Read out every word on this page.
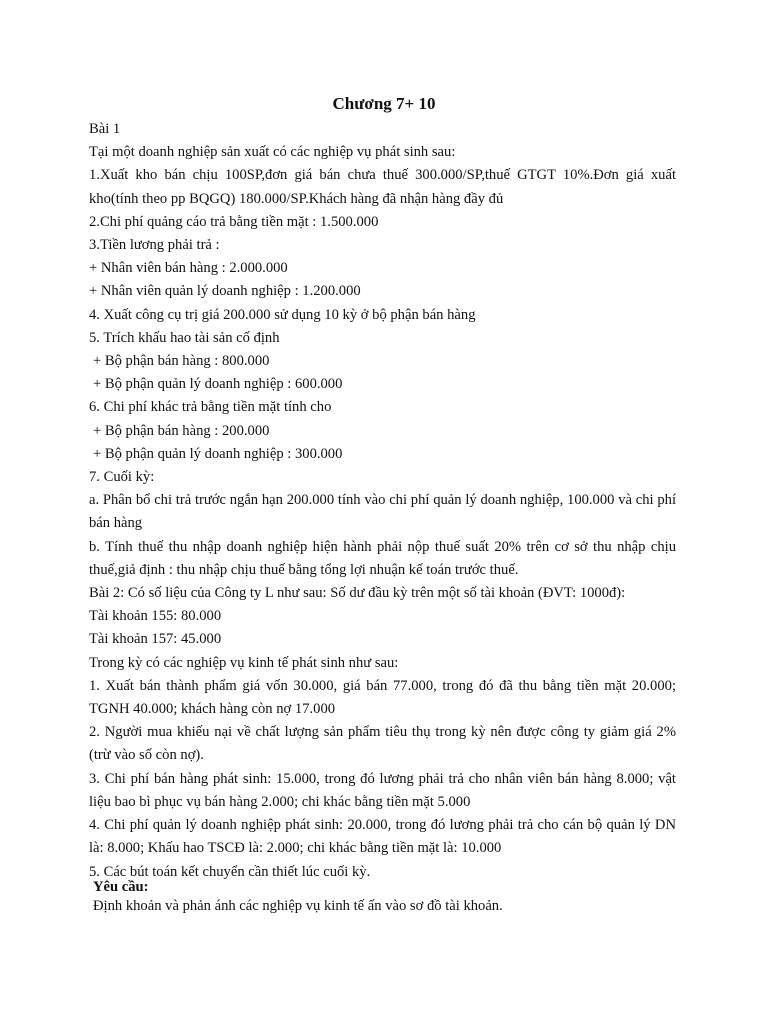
Chương 7+ 10

Bài 1

Tại một doanh nghiệp sản xuất có các nghiệp vụ phát sinh sau:

1.Xuất kho bán chịu 100SP,đơn giá bán chưa thuế 300.000/SP,thuế GTGT 10%.Đơn giá xuất kho(tính theo pp BQGQ) 180.000/SP.Khách hàng đã nhận hàng đầy đủ

2.Chi phí quảng cáo trả bằng tiền mặt : 1.500.000

3.Tiền lương phải trả :

+ Nhân viên bán hàng : 2.000.000

+ Nhân viên quản lý doanh nghiệp : 1.200.000

4. Xuất công cụ trị giá 200.000 sử dụng 10 kỳ ở bộ phận bán hàng

5. Trích khấu hao tài sản cố định

+ Bộ phận bán hàng : 800.000

+ Bộ phận quản lý doanh nghiệp : 600.000

6. Chi phí khác trả bằng tiền mặt tính cho

+ Bộ phận bán hàng : 200.000

+ Bộ phận quản lý doanh nghiệp : 300.000

7. Cuối kỳ:

a. Phân bổ chi trả trước ngắn hạn 200.000 tính vào chi phí quản lý doanh nghiệp, 100.000 và chi phí bán hàng

b. Tính thuế thu nhập doanh nghiệp hiện hành phải nộp thuế suất 20% trên cơ sở thu nhập chịu thuế,giả định : thu nhập chịu thuế bằng tổng lợi nhuận kế toán trước thuế.

Bài 2: Có số liệu của Công ty L như sau: Số dư đầu kỳ trên một số tài khoản (ĐVT: 1000đ):

Tài khoản 155: 80.000

Tài khoản 157: 45.000

Trong kỳ có các nghiệp vụ kinh tế phát sinh như sau:

1. Xuất bán thành phẩm giá vốn 30.000, giá bán 77.000, trong đó đã thu bằng tiền mặt 20.000; TGNH 40.000; khách hàng còn nợ 17.000

2. Người mua khiếu nại về chất lượng sản phẩm tiêu thụ trong kỳ nên được công ty giảm giá 2% (trừ vào số còn nợ).

3. Chi phí bán hàng phát sinh: 15.000, trong đó lương phải trả cho nhân viên bán hàng 8.000; vật liệu bao bì phục vụ bán hàng 2.000; chi khác bằng tiền mặt 5.000

4. Chi phí quản lý doanh nghiệp phát sinh: 20.000, trong đó lương phải trả cho cán bộ quản lý DN là: 8.000; Khấu hao TSCĐ là: 2.000; chi khác bằng tiền mặt là: 10.000

5. Các bút toán kết chuyển cần thiết lúc cuối kỳ.

Yêu cầu:

Định khoản và phản ánh các nghiệp vụ kinh tế ấn vào sơ đồ tài khoản.
